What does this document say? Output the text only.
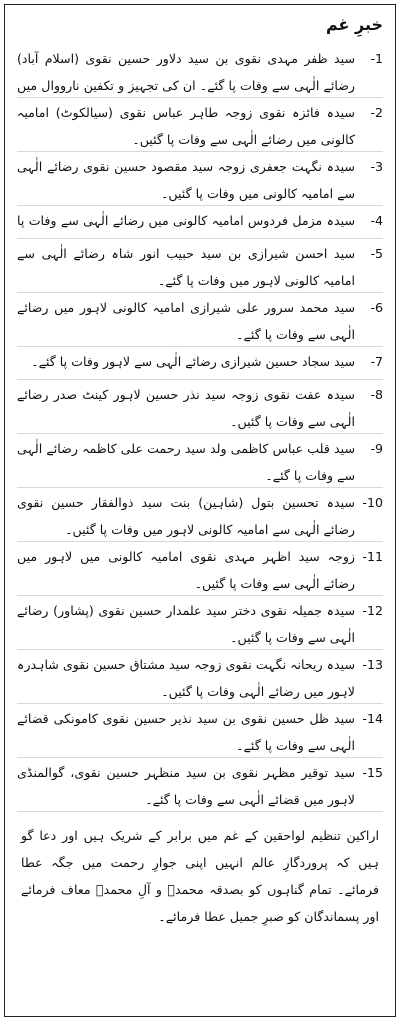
خبرِ غم
-1
سید ظفر مہدی نقوی بن سید دلاور حسین نقوی (اسلام آباد) رضائے الٰہی سے وفات پا گئے۔ ان کی تجہیز و تکفین نارووال میں
-2
سیدہ فائزہ نقوی زوجہ طاہر عباس نقوی (سیالکوٹ) امامیہ کالونی میں رضائے الٰہی سے وفات پا گئیں۔
-3
سیدہ نگہت جعفری زوجہ سید مقصود حسین نقوی رضائے الٰہی سے امامیہ کالونی میں وفات پا گئیں۔
-4
سیدہ مزمل فردوس امامیہ کالونی میں رضائے الٰہی سے وفات پا
-5
سید احسن شیرازی بن سید حبیب انور شاہ رضائے الٰہی سے امامیہ کالونی لاہور میں وفات پا گئے۔
-6
سید محمد سرور علی شیرازی امامیہ کالونی لاہور میں رضائے الٰہی سے وفات پا گئے۔
-7
سید سجاد حسین شیرازی رضائے الٰہی سے لاہور وفات پا گئے۔
-8
سیدہ عفت نقوی زوجہ سید نذر حسین لاہور کینٹ صدر رضائے الٰہی سے وفات پا گئیں۔
-9
سید قلب عباس کاظمی ولد سید رحمت علی کاظمہ رضائے الٰہی سے وفات پا گئے۔
-10
سیدہ تحسین بتول (شاہین) بنت سید ذوالفقار حسین نقوی رضائے الٰہی سے امامیہ کالونی لاہور میں وفات پا گئیں۔
-11
زوجہ سید اظہر مہدی نقوی امامیہ کالونی میں لاہور میں رضائے الٰہی سے وفات پا گئیں۔
-12
سیدہ جمیلہ نقوی دختر سید علمدار حسین نقوی (پشاور) رضائے الٰہی سے وفات پا گئیں۔
-13
سیدہ ریحانہ نگہت نقوی زوجہ سید مشتاق حسین نقوی شاہدرہ لاہور میں رضائے الٰہی وفات پا گئیں۔
-14
سید ظل حسین نقوی بن سید نذیر حسین نقوی کامونکی قضائے الٰہی سے وفات پا گئے۔
-15
سید توقیر مظہر نقوی بن سید منظہر حسین نقوی، گوالمنڈی لاہور میں قضائے الٰہی سے وفات پا گئے۔
اراکین تنظیم لواحقین کے غم میں برابر کے شریک ہیں اور دعا گو ہیں کہ پروردگارِ عالم انہیں اپنی جوارِ رحمت میں جگہ عطا فرمائے۔ تمام گناہوں کو بصدقہ محمدؐ و آلِ محمدؑ معاف فرمائے اور پسماندگان کو صبرِ جمیل عطا فرمائے۔
